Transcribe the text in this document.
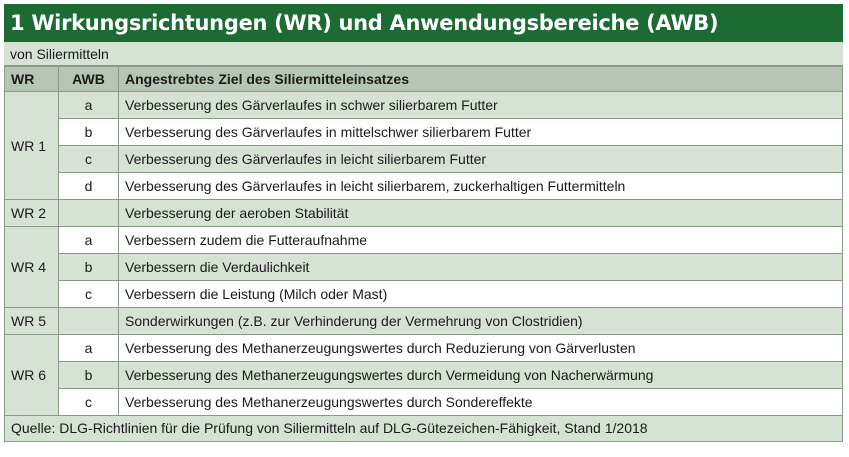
1 Wirkungsrichtungen (WR) und Anwendungsbereiche (AWB)
von Siliermitteln
WR	AWB	Angestrebtes Ziel des Siliermitteleinsatzes
WR 1	a	Verbesserung des Gärverlaufes in schwer silierbarem Futter
	b	Verbesserung des Gärverlaufes in mittelschwer silierbarem Futter
	c	Verbesserung des Gärverlaufes in leicht silierbarem Futter
	d	Verbesserung des Gärverlaufes in leicht silierbarem, zuckerhaltigen Futtermitteln
WR 2		Verbesserung der aeroben Stabilität
WR 4	a	Verbessern zudem die Futteraufnahme
	b	Verbessern die Verdaulichkeit
	c	Verbessern die Leistung (Milch oder Mast)
WR 5		Sonderwirkungen (z.B. zur Verhinderung der Vermehrung von Clostridien)
WR 6	a	Verbesserung des Methanerzeugungswertes durch Reduzierung von Gärverlusten
	b	Verbesserung des Methanerzeugungswertes durch Vermeidung von Nacherwärmung
	c	Verbesserung des Methanerzeugungswertes durch Sondereffekte
Quelle: DLG-Richtlinien für die Prüfung von Siliermitteln auf DLG-Gütezeichen-Fähigkeit, Stand 1/2018
